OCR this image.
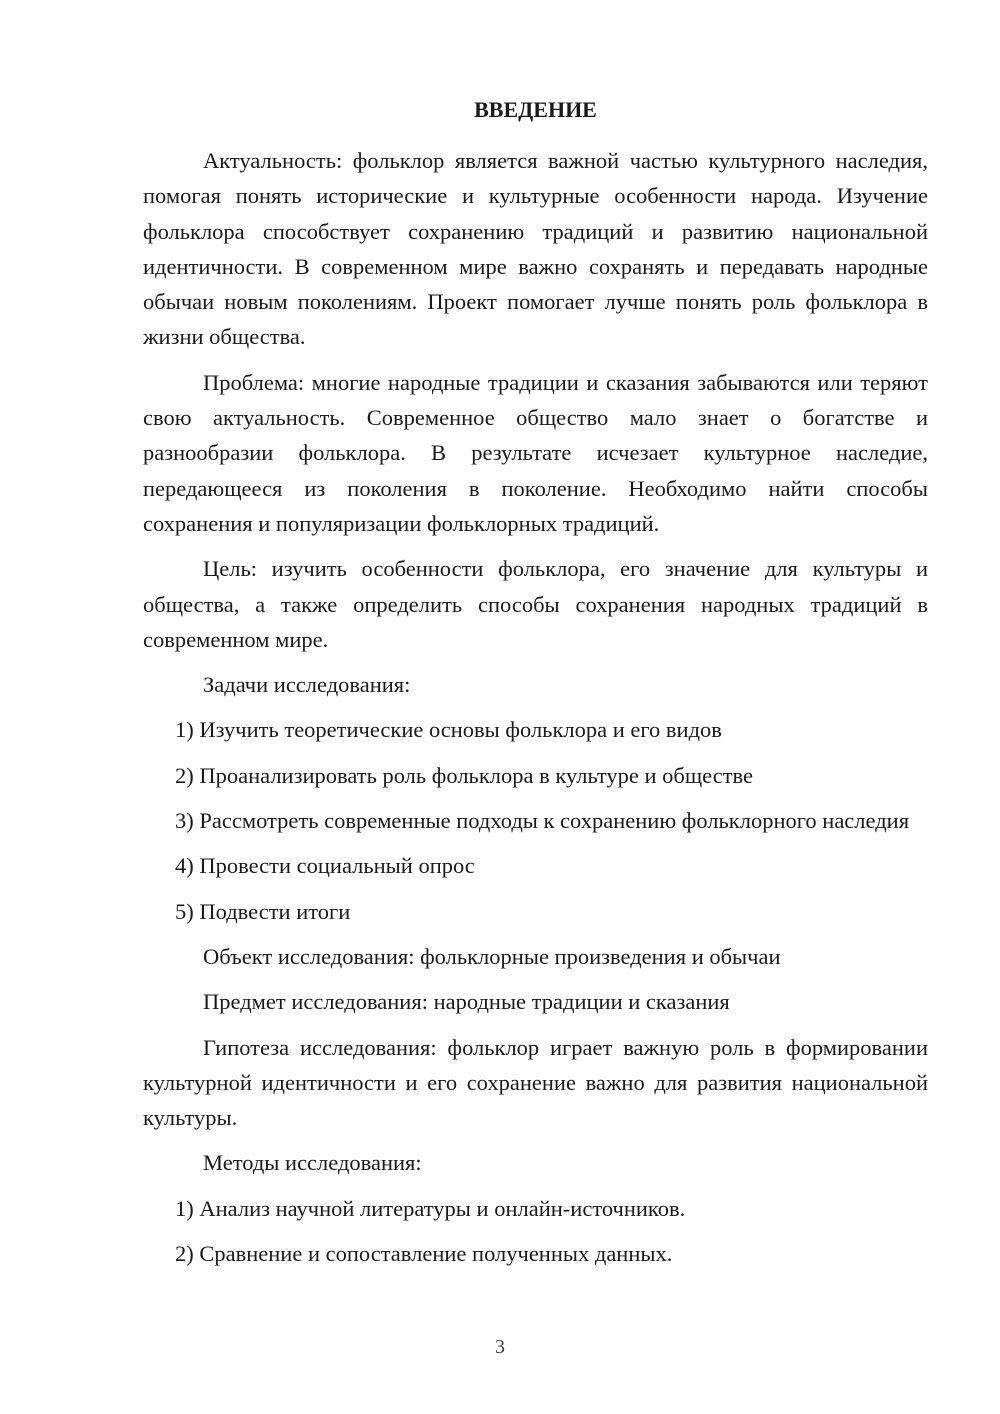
ВВЕДЕНИЕ

Актуальность: фольклор является важной частью культурного наследия, помогая понять исторические и культурные особенности народа. Изучение фольклора способствует сохранению традиций и развитию национальной идентичности. В современном мире важно сохранять и передавать народные обычаи новым поколениям. Проект помогает лучше понять роль фольклора в жизни общества.

Проблема: многие народные традиции и сказания забываются или теряют свою актуальность. Современное общество мало знает о богатстве и разнообразии фольклора. В результате исчезает культурное наследие, передающееся из поколения в поколение. Необходимо найти способы сохранения и популяризации фольклорных традиций.

Цель: изучить особенности фольклора, его значение для культуры и общества, а также определить способы сохранения народных традиций в современном мире.

Задачи исследования:

1) Изучить теоретические основы фольклора и его видов

2) Проанализировать роль фольклора в культуре и обществе

3) Рассмотреть современные подходы к сохранению фольклорного наследия

4) Провести социальный опрос

5) Подвести итоги

Объект исследования: фольклорные произведения и обычаи

Предмет исследования: народные традиции и сказания

Гипотеза исследования: фольклор играет важную роль в формировании культурной идентичности и его сохранение важно для развития национальной культуры.

Методы исследования:

1) Анализ научной литературы и онлайн-источников.

2) Сравнение и сопоставление полученных данных.

3
